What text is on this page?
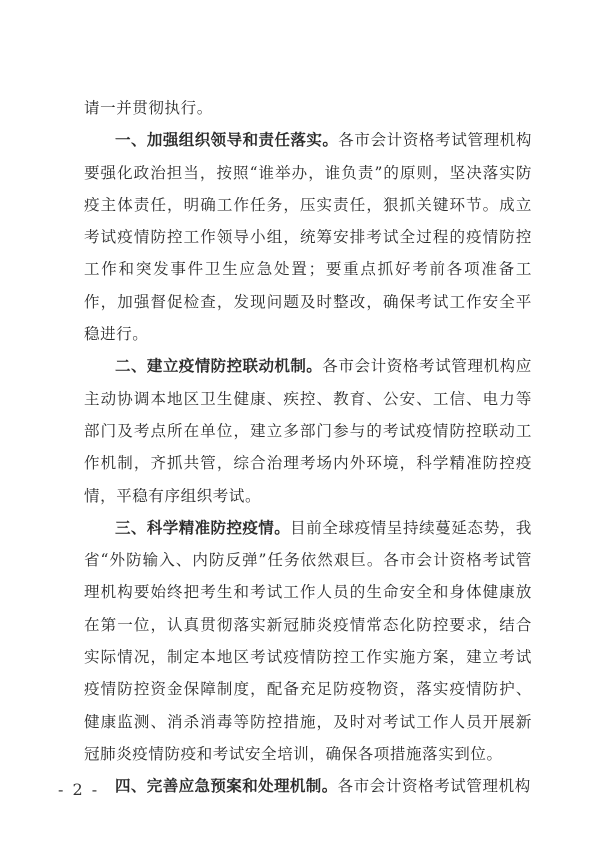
请一并贯彻执行。

一、加强组织领导和责任落实。各市会计资格考试管理机构要强化政治担当，按照“谁举办，谁负责”的原则，坚决落实防疫主体责任，明确工作任务，压实责任，狠抓关键环节。成立考试疫情防控工作领导小组，统筹安排考试全过程的疫情防控工作和突发事件卫生应急处置；要重点抓好考前各项准备工作，加强督促检查，发现问题及时整改，确保考试工作安全平稳进行。

二、建立疫情防控联动机制。各市会计资格考试管理机构应主动协调本地区卫生健康、疾控、教育、公安、工信、电力等部门及考点所在单位，建立多部门参与的考试疫情防控联动工作机制，齐抓共管，综合治理考场内外环境，科学精准防控疫情，平稳有序组织考试。

三、科学精准防控疫情。目前全球疫情呈持续蔓延态势，我省“外防输入、内防反弹”任务依然艰巨。各市会计资格考试管理机构要始终把考生和考试工作人员的生命安全和身体健康放在第一位，认真贯彻落实新冠肺炎疫情常态化防控要求，结合实际情况，制定本地区考试疫情防控工作实施方案，建立考试疫情防控资金保障制度，配备充足防疫物资，落实疫情防护、健康监测、消杀消毒等防控措施，及时对考试工作人员开展新冠肺炎疫情防疫和考试安全培训，确保各项措施落实到位。

四、完善应急预案和处理机制。各市会计资格考试管理机构

- 2 -
